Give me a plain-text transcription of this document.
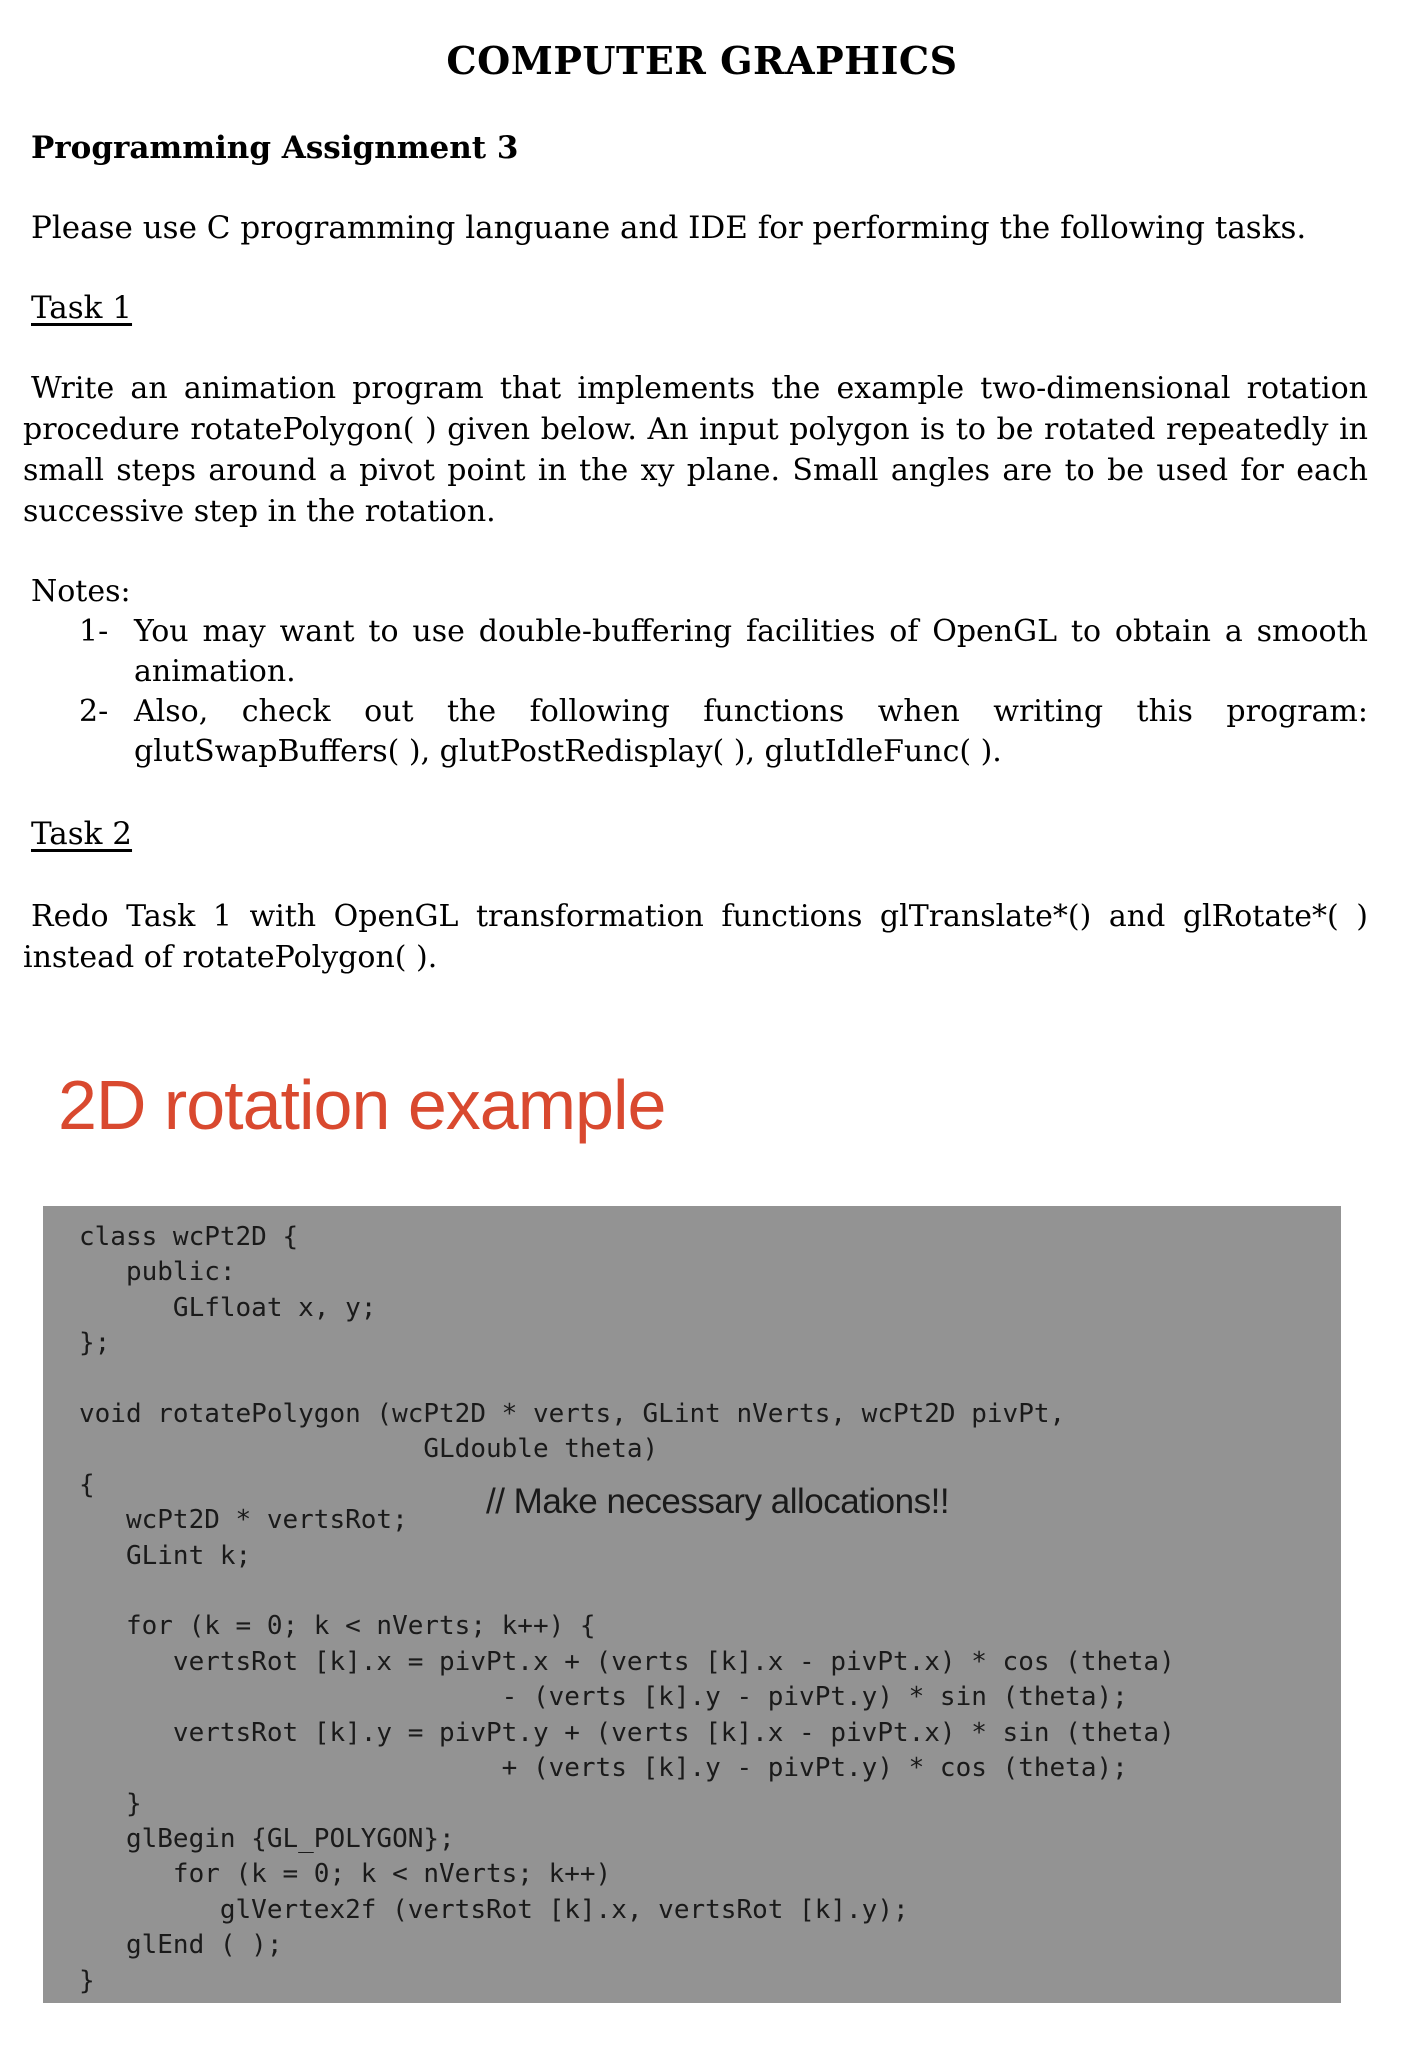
COMPUTER GRAPHICS
Programming Assignment 3
Please use C programming languane and IDE for performing the following tasks.
Task 1
Write an animation program that implements the example two-dimensional rotation
procedure rotatePolygon( ) given below. An input polygon is to be rotated repeatedly in
small steps around a pivot point in the xy plane. Small angles are to be used for each
successive step in the rotation.
Notes:
1- You may want to use double-buffering facilities of OpenGL to obtain a smooth
animation.
2- Also, check out the following functions when writing this program:
glutSwapBuffers( ), glutPostRedisplay( ), glutIdleFunc( ).
Task 2
Redo Task 1 with OpenGL transformation functions glTranslate*() and glRotate*( )
instead of rotatePolygon( ).
2D rotation example
class wcPt2D {
public:
GLfloat x, y;
};

void rotatePolygon (wcPt2D * verts, GLint nVerts, wcPt2D pivPt,
GLdouble theta)
{
wcPt2D * vertsRot;
GLint k;

for (k = 0; k < nVerts; k++) {
vertsRot [k].x = pivPt.x + (verts [k].x - pivPt.x) * cos (theta)
- (verts [k].y - pivPt.y) * sin (theta);
vertsRot [k].y = pivPt.y + (verts [k].x - pivPt.x) * sin (theta)
+ (verts [k].y - pivPt.y) * cos (theta);
}
glBegin {GL_POLYGON};
for (k = 0; k < nVerts; k++)
glVertex2f (vertsRot [k].x, vertsRot [k].y);
glEnd ( );
}
// Make necessary allocations!!
